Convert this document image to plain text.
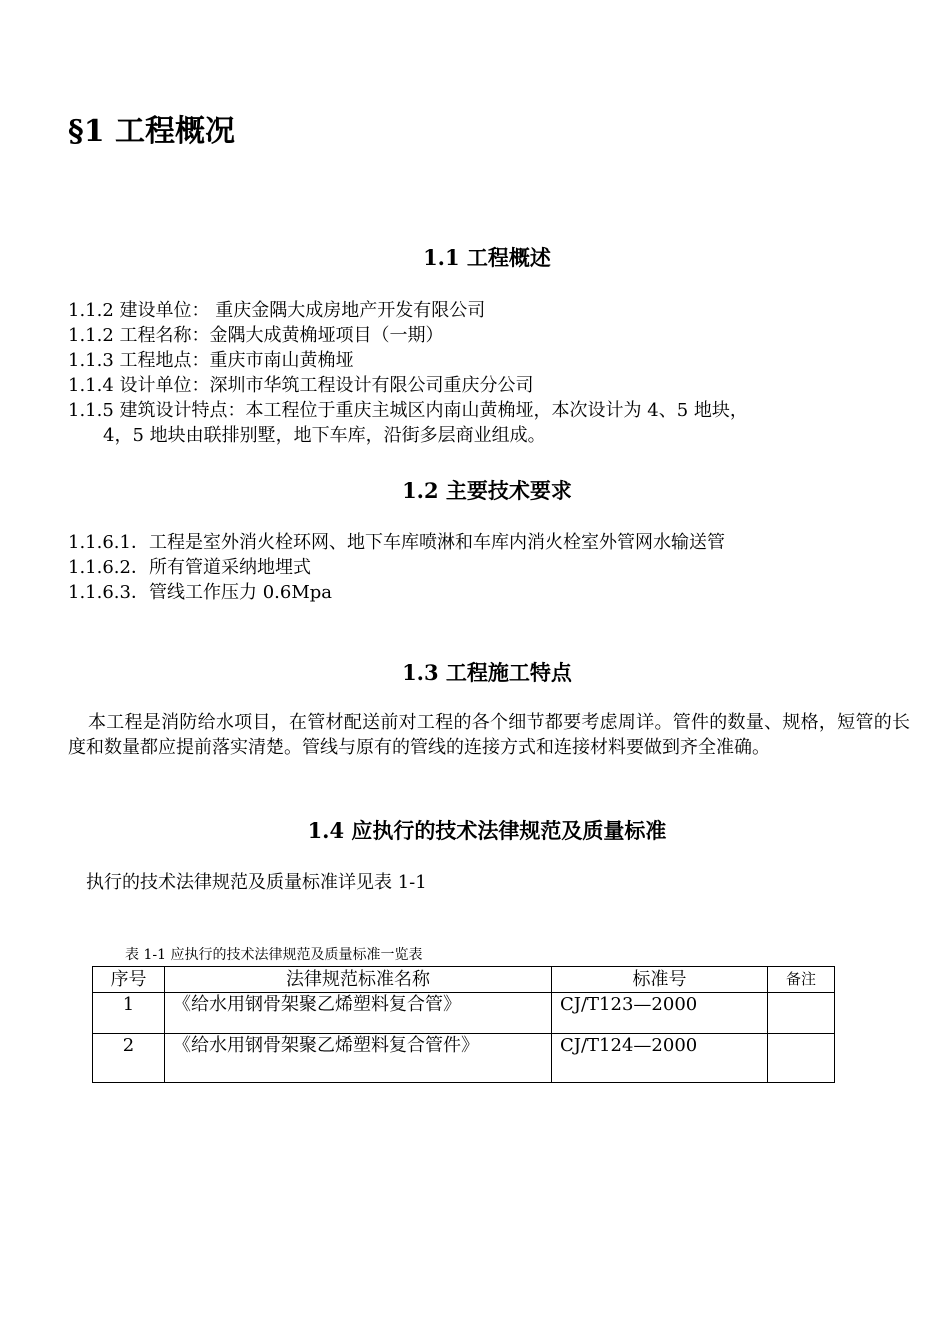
§1 工程概况
1.1 工程概述

1.1.2 建设单位： 重庆金隅大成房地产开发有限公司

1.1.2 工程名称：金隅大成黄桷垭项目（一期）

1.1.3 工程地点：重庆市南山黄桷垭

1.1.4 设计单位：深圳市华筑工程设计有限公司重庆分公司

1.1.5 建筑设计特点：本工程位于重庆主城区内南山黄桷垭，本次设计为 4、5 地块，

4，5 地块由联排别墅，地下车库，沿街多层商业组成。

1.2 主要技术要求

1.1.6.1．工程是室外消火栓环网、地下车库喷淋和车库内消火栓室外管网水输送管

1.1.6.2．所有管道采纳地埋式

1.1.6.3．管线工作压力 0.6Mpa

1.3 工程施工特点

本工程是消防给水项目，在管材配送前对工程的各个细节都要考虑周详。管件的数量、规格，短管的长度和数量都应提前落实清楚。管线与原有的管线的连接方式和连接材料要做到齐全准确。

1.4 应执行的技术法律规范及质量标准

执行的技术法律规范及质量标准详见表 1-1

表 1-1 应执行的技术法律规范及质量标准一览表

序号	法律规范标准名称	标准号	备注
1	《给水用钢骨架聚乙烯塑料复合管》	CJ/T123—2000	
2	《给水用钢骨架聚乙烯塑料复合管件》	CJ/T124—2000	
